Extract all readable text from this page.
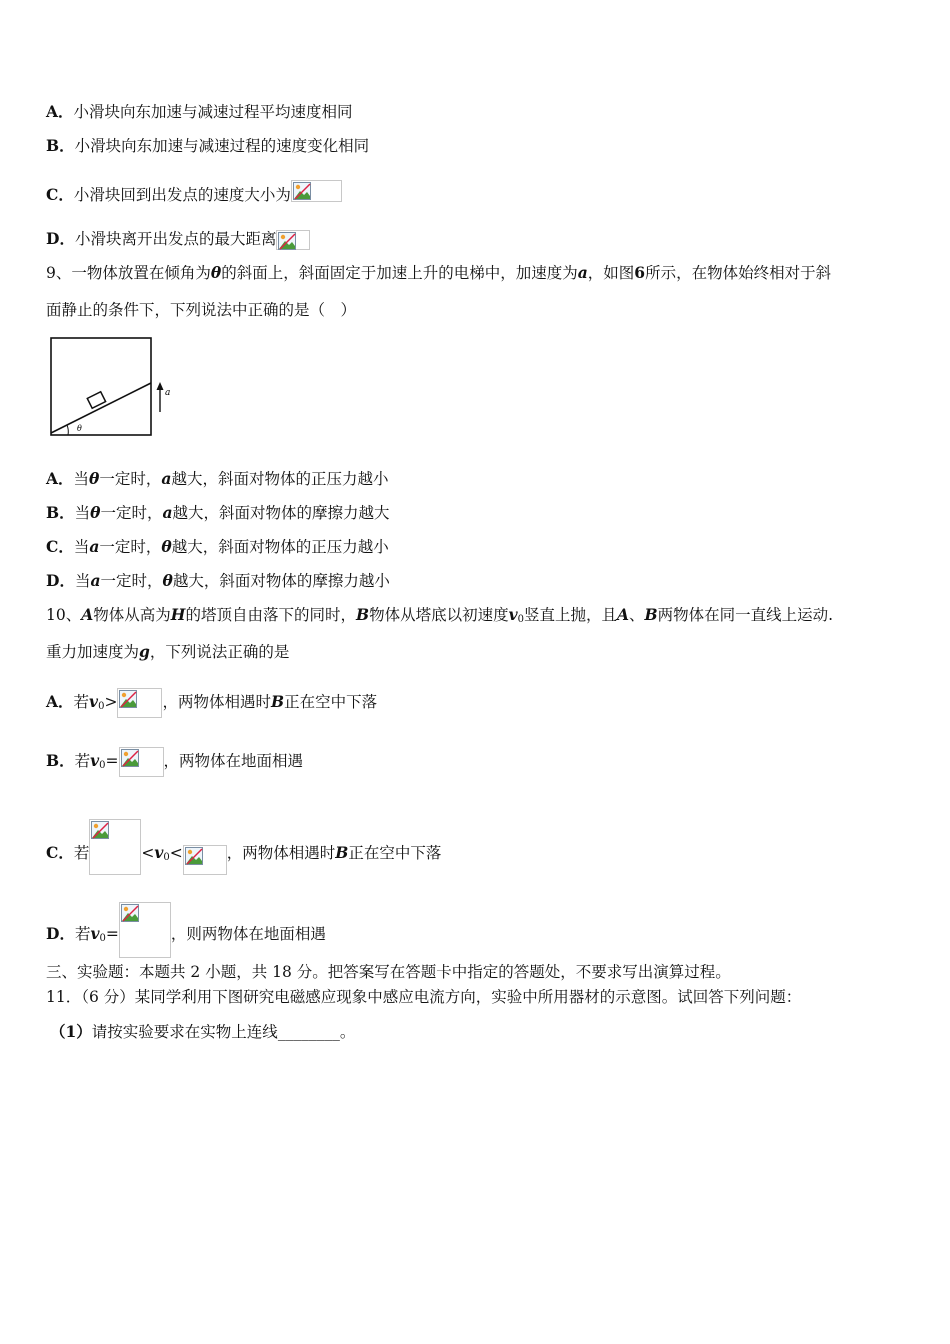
A．小滑块向东加速与减速过程平均速度相同
B．小滑块向东加速与减速过程的速度变化相同
C．小滑块回到出发点的速度大小为
D．小滑块离开出发点的最大距离
9、一物体放置在倾角为θ的斜面上，斜面固定于加速上升的电梯中，加速度为a，如图6所示，在物体始终相对于斜
面静止的条件下，下列说法中正确的是（　）
θ
a
A．当θ一定时，a越大，斜面对物体的正压力越小
B．当θ一定时，a越大，斜面对物体的摩擦力越大
C．当a一定时，θ越大，斜面对物体的正压力越小
D．当a一定时，θ越大，斜面对物体的摩擦力越小
10、A物体从高为H的塔顶自由落下的同时，B物体从塔底以初速度$v_0$竖直上抛，且A、B两物体在同一直线上运动.
重力加速度为g，下列说法正确的是
A．若$v_0>$	，两物体相遇时B正在空中下落
B．若$v_0=$	，两物体在地面相遇
C．若	$<v_0<$	，两物体相遇时B正在空中下落
D．若$v_0=$	，则两物体在地面相遇
三、实验题：本题共 2 小题，共 18 分。把答案写在答题卡中指定的答题处，不要求写出演算过程。
11．（6 分）某同学利用下图研究电磁感应现象中感应电流方向，实验中所用器材的示意图。试回答下列问题：
（1）请按实验要求在实物上连线________。
